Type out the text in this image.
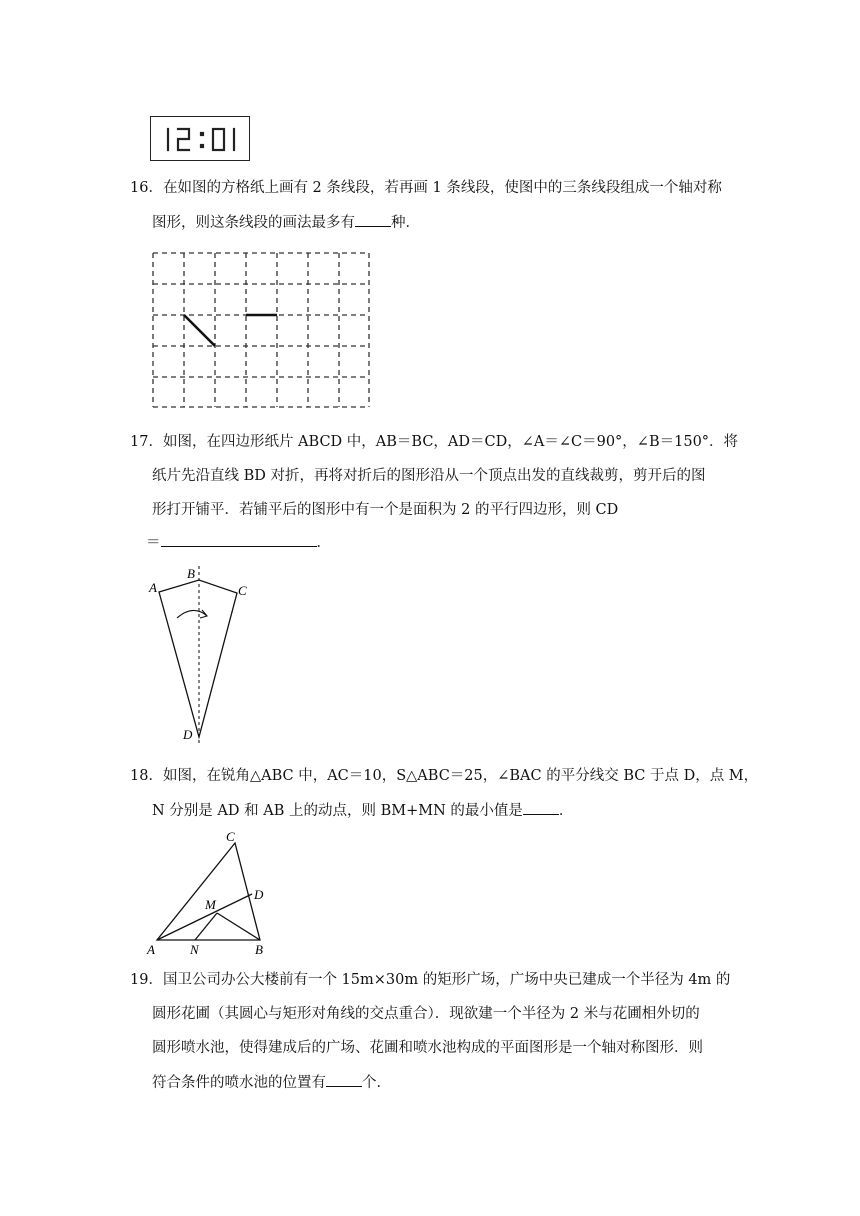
16．在如图的方格纸上画有 2 条线段，若再画 1 条线段，使图中的三条线段组成一个轴对称
图形，则这条线段的画法最多有 种．
17．如图，在四边形纸片 ABCD 中，AB＝BC，AD＝CD，∠A＝∠C＝90°，∠B＝150°．将
纸片先沿直线 BD 对折，再将对折后的图形沿从一个顶点出发的直线裁剪，剪开后的图
形打开铺平．若铺平后的图形中有一个是面积为 2 的平行四边形，则 CD
＝	．
A
B
C
D
18．如图，在锐角△ABC 中，AC＝10，S△ABC＝25，∠BAC 的平分线交 BC 于点 D，点 M，
N 分别是 AD 和 AB 上的动点，则 BM+MN 的最小值是 ．
C
D
M
A	N	B
19．国卫公司办公大楼前有一个 15m×30m 的矩形广场，广场中央已建成一个半径为 4m 的
圆形花圃（其圆心与矩形对角线的交点重合）．现欲建一个半径为 2 米与花圃相外切的
圆形喷水池，使得建成后的广场、花圃和喷水池构成的平面图形是一个轴对称图形．则
符合条件的喷水池的位置有 个．
